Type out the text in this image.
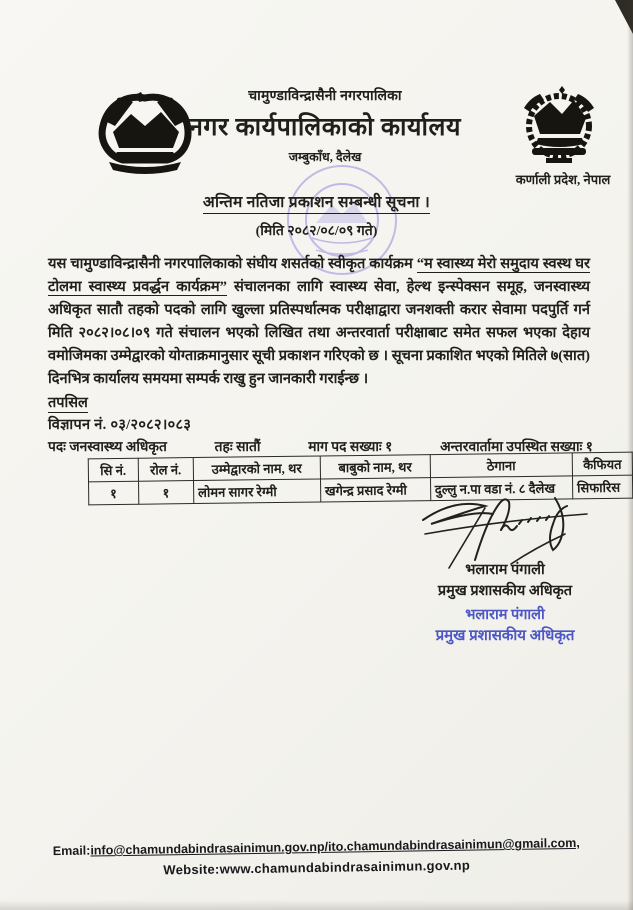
चामुण्डाविन्द्रासैनी नगरपालिका
नगर कार्यपालिकाको कार्यालय
जम्बुकाँध, दैलेख
कर्णाली प्रदेश, नेपाल
अन्तिम नतिजा प्रकाशन सम्बन्धी सूचना ।
(मिति २०८२/०८/०९ गते)
यस चामुण्डाविन्द्रासैनी नगरपालिकाको संघीय शसर्तको स्वीकृत कार्यक्रम “म स्वास्थ्य मेरो समुदाय स्वस्थ घर टोलमा स्वास्थ्य प्रवर्द्धन कार्यक्रम” संचालनका लागि स्वास्थ्य सेवा, हेल्थ इन्स्पेक्सन समूह, जनस्वास्थ्य अधिकृत सातौ तहको पदको लागि खुल्ला प्रतिस्पर्धात्मक परीक्षाद्वारा जनशक्ती करार सेवामा पदपुर्ति गर्न मिति २०८२।०८।०९ गते संचालन भएको लिखित तथा अन्तरवार्ता परीक्षाबाट समेत सफल भएका देहाय वमोजिमका उम्मेद्वारको योग्ताक्रमानुसार सूची प्रकाशन गरिएको छ । सूचना प्रकाशित भएको मितिले ७(सात) दिनभित्र कार्यालय समयमा सम्पर्क राखु हुन जानकारी गराईन्छ ।
तपसिल
विज्ञापन नं. ०३/२०८२।०८३
पदः जनस्वास्थ्य अधिकृत	तहः सातौं	माग पद सख्याः १	अन्तरवार्तामा उपस्थित सख्याः १
सि नं.	रोल नं.	उम्मेद्वारको नाम, थर	बाबुको नाम, थर	ठेगाना	कैफियत
१	१	लोमन सागर रेग्मी	खगेन्द्र प्रसाद रेग्मी	दुल्लु न.पा वडा नं. ८ दैलेख	सिफारिस
भलाराम पंगाली
प्रमुख प्रशासकीय अधिकृत
भलाराम पंगाली
प्रमुख प्रशासकीय अधिकृत
Email:info@chamundabindrasainimun.gov.np/ito.chamundabindrasainimun@gmail.com,
Website:www.chamundabindrasainimun.gov.np
